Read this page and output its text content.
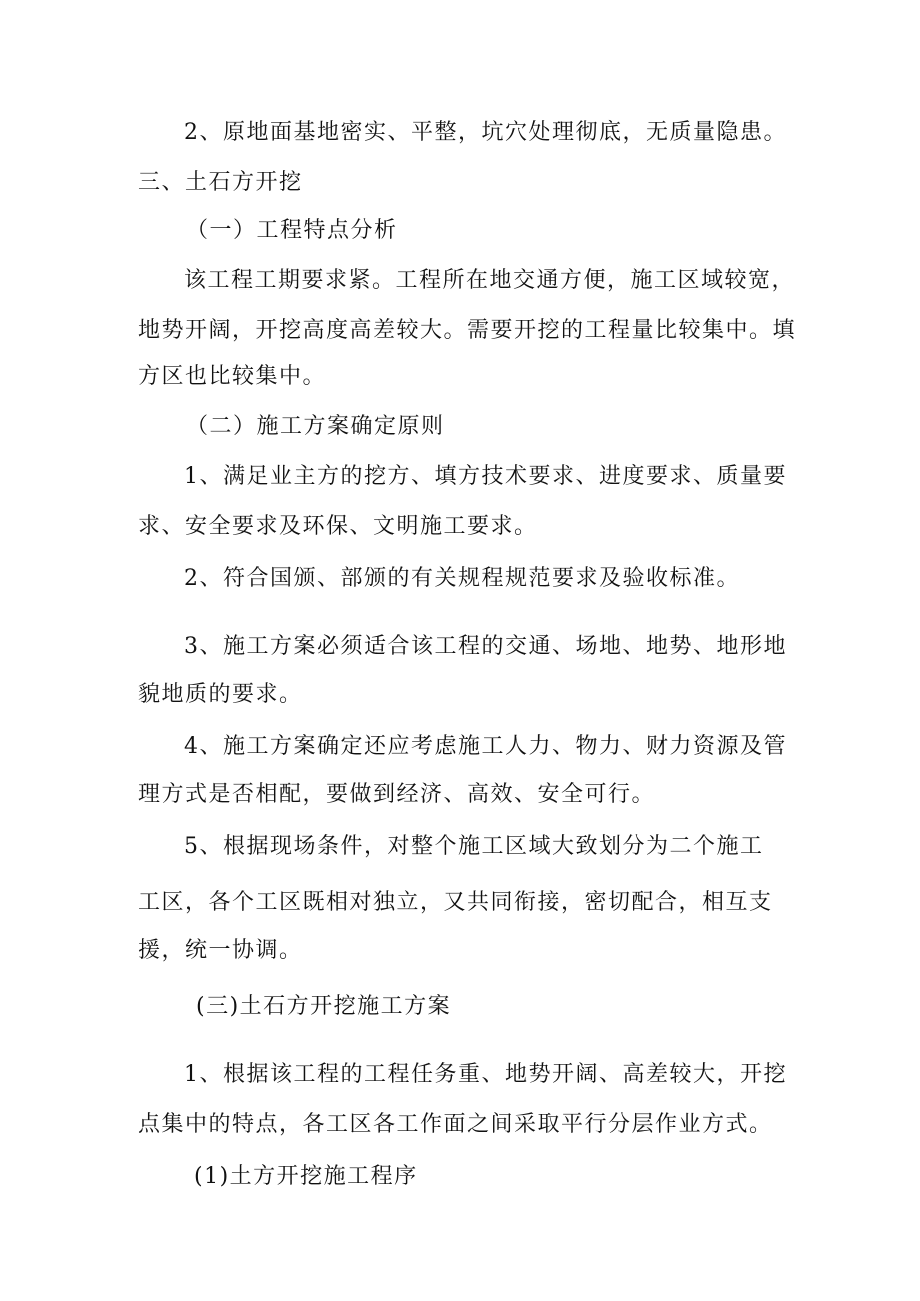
2、原地面基地密实、平整，坑穴处理彻底，无质量隐患。
三、土石方开挖
（一）工程特点分析
该工程工期要求紧。工程所在地交通方便，施工区域较宽，
地势开阔，开挖高度高差较大。需要开挖的工程量比较集中。填
方区也比较集中。
（二）施工方案确定原则
1、满足业主方的挖方、填方技术要求、进度要求、质量要
求、安全要求及环保、文明施工要求。
2、符合国颁、部颁的有关规程规范要求及验收标准。
3、施工方案必须适合该工程的交通、场地、地势、地形地
貌地质的要求。
4、施工方案确定还应考虑施工人力、物力、财力资源及管
理方式是否相配，要做到经济、高效、安全可行。
5、根据现场条件，对整个施工区域大致划分为二个施工
工区，各个工区既相对独立，又共同衔接，密切配合，相互支
援，统一协调。
(三)土石方开挖施工方案
1、根据该工程的工程任务重、地势开阔、高差较大，开挖
点集中的特点，各工区各工作面之间采取平行分层作业方式。
(1)土方开挖施工程序
